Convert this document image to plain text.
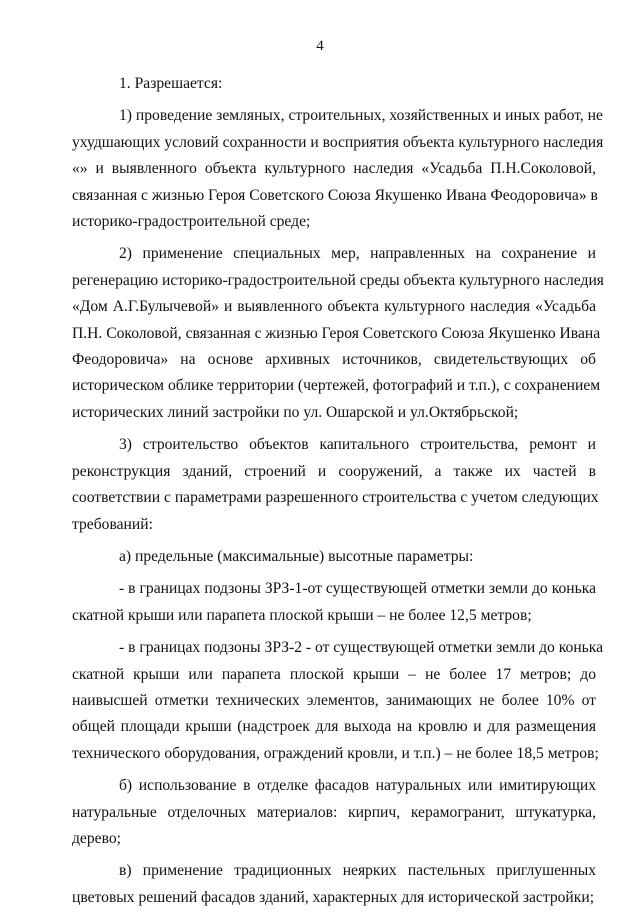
4
1. Разрешается:
1) проведение земляных, строительных, хозяйственных и иных работ, не
ухудшающих условий сохранности и восприятия объекта культурного наследия
«» и выявленного объекта культурного наследия «Усадьба П.Н.Соколовой,
связанная с жизнью Героя Советского Союза Якушенко Ивана Феодоровича» в
историко-градостроительной среде;
2) применение специальных мер, направленных на сохранение и
регенерацию историко-градостроительной среды объекта культурного наследия
«Дом А.Г.Булычевой» и выявленного объекта культурного наследия «Усадьба
П.Н. Соколовой, связанная с жизнью Героя Советского Союза Якушенко Ивана
Феодоровича» на основе архивных источников, свидетельствующих об
историческом облике территории (чертежей, фотографий и т.п.), с сохранением
исторических линий застройки по ул. Ошарской и ул.Октябрьской;
3) строительство объектов капитального строительства, ремонт и
реконструкция зданий, строений и сооружений, а также их частей в
соответствии с параметрами разрешенного строительства с учетом следующих
требований:
а) предельные (максимальные) высотные параметры:
- в границах подзоны ЗРЗ-1-от существующей отметки земли до конька
скатной крыши или парапета плоской крыши – не более 12,5 метров;
- в границах подзоны ЗРЗ-2 - от существующей отметки земли до конька
скатной крыши или парапета плоской крыши – не более 17 метров; до
наивысшей отметки технических элементов, занимающих не более 10% от
общей площади крыши (надстроек для выхода на кровлю и для размещения
технического оборудования, ограждений кровли, и т.п.) – не более 18,5 метров;
б) использование в отделке фасадов натуральных или имитирующих
натуральные отделочных материалов: кирпич, керамогранит, штукатурка,
дерево;
в) применение традиционных неярких пастельных приглушенных
цветовых решений фасадов зданий, характерных для исторической застройки;
